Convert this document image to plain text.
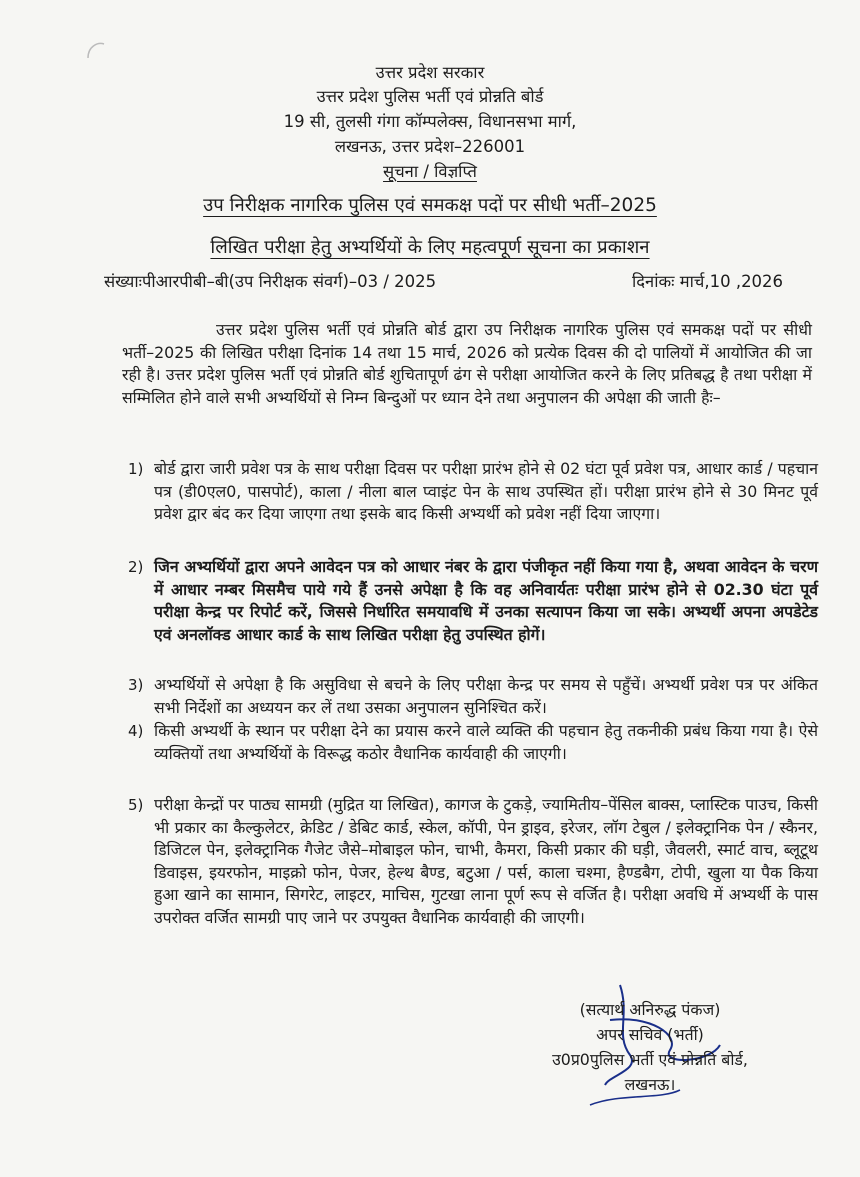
उत्तर प्रदेश सरकार

उत्तर प्रदेश पुलिस भर्ती एवं प्रोन्नति बोर्ड

19 सी, तुलसी गंगा कॉम्पलेक्स, विधानसभा मार्ग,

लखनऊ, उत्तर प्रदेश–226001

सूचना / विज्ञप्ति

उप निरीक्षक नागरिक पुलिस एवं समकक्ष पदों पर सीधी भर्ती–2025

लिखित परीक्षा हेतु अभ्यर्थियों के लिए महत्वपूर्ण सूचना का प्रकाशन

संख्याःपीआरपीबी–बी(उप निरीक्षक संवर्ग)–03 / 2025	दिनांकः मार्च,10 ,2026

उत्तर प्रदेश पुलिस भर्ती एवं प्रोन्नति बोर्ड द्वारा उप निरीक्षक नागरिक पुलिस एवं समकक्ष पदों पर सीधी भर्ती–2025 की लिखित परीक्षा दिनांक 14 तथा 15 मार्च, 2026 को प्रत्येक दिवस की दो पालियों में आयोजित की जा रही है। उत्तर प्रदेश पुलिस भर्ती एवं प्रोन्नति बोर्ड शुचितापूर्ण ढंग से परीक्षा आयोजित करने के लिए प्रतिबद्ध है तथा परीक्षा में सम्मिलित होने वाले सभी अभ्यर्थियों से निम्न बिन्दुओं पर ध्यान देने तथा अनुपालन की अपेक्षा की जाती हैः–

1) बोर्ड द्वारा जारी प्रवेश पत्र के साथ परीक्षा दिवस पर परीक्षा प्रारंभ होने से 02 घंटा पूर्व प्रवेश पत्र, आधार कार्ड / पहचान पत्र (डी0एल0, पासपोर्ट), काला / नीला बाल प्वाइंट पेन के साथ उपस्थित हों। परीक्षा प्रारंभ होने से 30 मिनट पूर्व प्रवेश द्वार बंद कर दिया जाएगा तथा इसके बाद किसी अभ्यर्थी को प्रवेश नहीं दिया जाएगा।

2) जिन अभ्यर्थियों द्वारा अपने आवेदन पत्र को आधार नंबर के द्वारा पंजीकृत नहीं किया गया है, अथवा आवेदन के चरण में आधार नम्बर मिसमैच पाये गये हैं उनसे अपेक्षा है कि वह अनिवार्यतः परीक्षा प्रारंभ होने से 02.30 घंटा पूर्व परीक्षा केन्द्र पर रिपोर्ट करें, जिससे निर्धारित समयावधि में उनका सत्यापन किया जा सके। अभ्यर्थी अपना अपडेटेड एवं अनलॉक्ड आधार कार्ड के साथ लिखित परीक्षा हेतु उपस्थित होगें।

3) अभ्यर्थियों से अपेक्षा है कि असुविधा से बचने के लिए परीक्षा केन्द्र पर समय से पहुँचें। अभ्यर्थी प्रवेश पत्र पर अंकित सभी निर्देशों का अध्ययन कर लें तथा उसका अनुपालन सुनिश्चित करें।

4) किसी अभ्यर्थी के स्थान पर परीक्षा देने का प्रयास करने वाले व्यक्ति की पहचान हेतु तकनीकी प्रबंध किया गया है। ऐसे व्यक्तियों तथा अभ्यर्थियों के विरूद्ध कठोर वैधानिक कार्यवाही की जाएगी।

5) परीक्षा केन्द्रों पर पाठ्य सामग्री (मुद्रित या लिखित), कागज के टुकड़े, ज्यामितीय–पेंसिल बाक्स, प्लास्टिक पाउच, किसी भी प्रकार का कैल्कुलेटर, क्रेडिट / डेबिट कार्ड, स्केल, कॉपी, पेन ड्राइव, इरेजर, लॉग टेबुल / इलेक्ट्रानिक पेन / स्कैनर, डिजिटल पेन, इलेक्ट्रानिक गैजेट जैसे–मोबाइल फोन, चाभी, कैमरा, किसी प्रकार की घड़ी, जैवलरी, स्मार्ट वाच, ब्लूटूथ डिवाइस, इयरफोन, माइक्रो फोन, पेजर, हेल्थ बैण्ड, बटुआ / पर्स, काला चश्मा, हैण्डबैग, टोपी, खुला या पैक किया हुआ खाने का सामान, सिगरेट, लाइटर, माचिस, गुटखा लाना पूर्ण रूप से वर्जित है। परीक्षा अवधि में अभ्यर्थी के पास उपरोक्त वर्जित सामग्री पाए जाने पर उपयुक्त वैधानिक कार्यवाही की जाएगी।

(सत्यार्थ अनिरुद्ध पंकज)
अपर सचिव (भर्ती)
उ0प्र0पुलिस भर्ती एवं प्रोन्नति बोर्ड,
लखनऊ।
